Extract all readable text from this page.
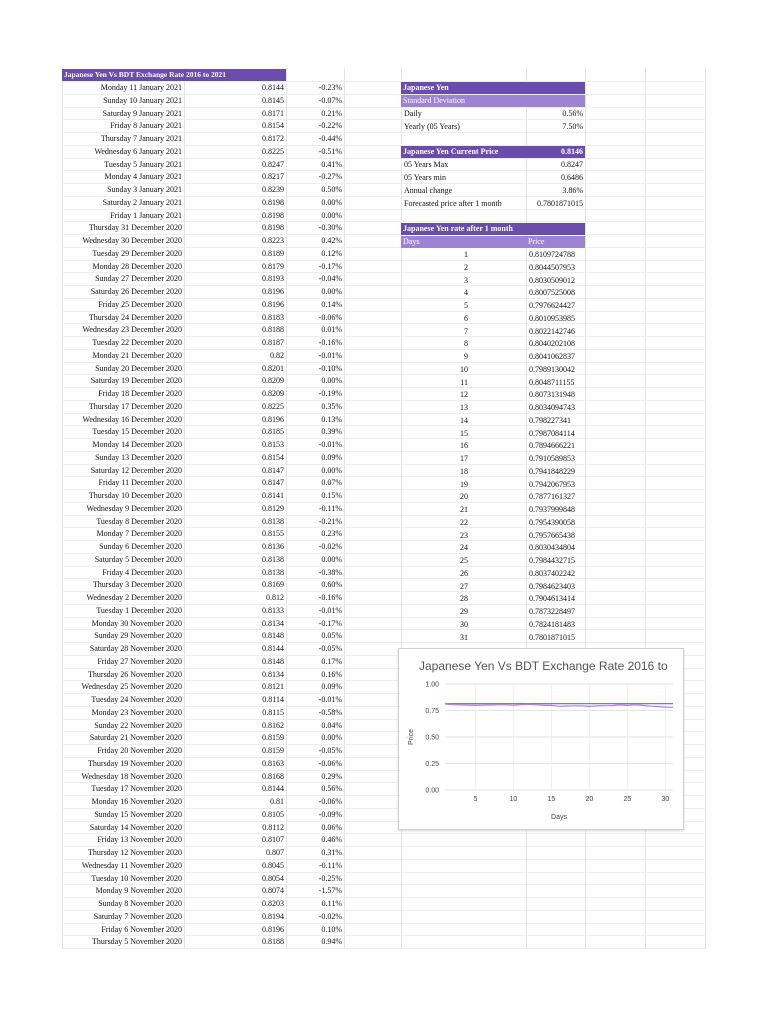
Japanese Yen Vs BDT Exchange Rate 2016 to 2021
Monday 11 January 2021	0.8144	-0.23%
Sunday 10 January 2021	0.8145	-0.07%
Saturday 9 January 2021	0.8171	0.21%
Friday 8 January 2021	0.8154	-0.22%
Thursday 7 January 2021	0.8172	-0.44%
Wednesday 6 January 2021	0.8225	-0.51%
Tuesday 5 January 2021	0.8247	0.41%
Monday 4 January 2021	0.8217	-0.27%
Sunday 3 January 2021	0.8239	0.50%
Saturday 2 January 2021	0.8198	0.00%
Friday 1 January 2021	0.8198	0.00%
Thursday 31 December 2020	0.8198	-0.30%
Wednesday 30 December 2020	0.8223	0.42%
Tuesday 29 December 2020	0.8189	0.12%
Monday 28 December 2020	0.8179	-0.17%
Sunday 27 December 2020	0.8193	-0.04%
Saturday 26 December 2020	0.8196	0.00%
Friday 25 December 2020	0.8196	0.14%
Thursday 24 December 2020	0.8183	-0.06%
Wednesday 23 December 2020	0.8188	0.01%
Tuesday 22 December 2020	0.8187	-0.16%
Monday 21 December 2020	0.82	-0.01%
Sunday 20 December 2020	0.8201	-0.10%
Saturday 19 December 2020	0.8209	0.00%
Friday 18 December 2020	0.8209	-0.19%
Thursday 17 December 2020	0.8225	0.35%
Wednesday 16 December 2020	0.8196	0.13%
Tuesday 15 December 2020	0.8185	0.39%
Monday 14 December 2020	0.8153	-0.01%
Sunday 13 December 2020	0.8154	0.09%
Saturday 12 December 2020	0.8147	0.00%
Friday 11 December 2020	0.8147	0.07%
Thursday 10 December 2020	0.8141	0.15%
Wednesday 9 December 2020	0.8129	-0.11%
Tuesday 8 December 2020	0.8138	-0.21%
Monday 7 December 2020	0.8155	0.23%
Sunday 6 December 2020	0.8136	-0.02%
Saturday 5 December 2020	0.8138	0.00%
Friday 4 December 2020	0.8138	-0.38%
Thursday 3 December 2020	0.8169	0.60%
Wednesday 2 December 2020	0.812	-0.16%
Tuesday 1 December 2020	0.8133	-0.01%
Monday 30 November 2020	0.8134	-0.17%
Sunday 29 November 2020	0.8148	0.05%
Saturday 28 November 2020	0.8144	-0.05%
Friday 27 November 2020	0.8148	0.17%
Thursday 26 November 2020	0.8134	0.16%
Wednesday 25 November 2020	0.8121	0.09%
Tuesday 24 November 2020	0.8114	-0.01%
Monday 23 November 2020	0.8115	-0.58%
Sunday 22 November 2020	0.8162	0.04%
Saturday 21 November 2020	0.8159	0.00%
Friday 20 November 2020	0.8159	-0.05%
Thursday 19 November 2020	0.8163	-0.06%
Wednesday 18 November 2020	0.8168	0.29%
Tuesday 17 November 2020	0.8144	0.56%
Monday 16 November 2020	0.81	-0.06%
Sunday 15 November 2020	0.8105	-0.09%
Saturday 14 November 2020	0.8112	0.06%
Friday 13 November 2020	0.8107	0.46%
Thursday 12 November 2020	0.807	0.31%
Wednesday 11 November 2020	0.8045	-0.11%
Tuesday 10 November 2020	0.8054	-0.25%
Monday 9 November 2020	0.8074	-1.57%
Sunday 8 November 2020	0.8203	0.11%
Saturday 7 November 2020	0.8194	-0.02%
Friday 6 November 2020	0.8196	0.10%
Thursday 5 November 2020	0.8188	0.94%
Japanese Yen
Standard Deviation
Daily	0.56%
Yearly (05 Years)	7.50%
Japanese Yen Current Price	0.8146
05 Years Max	0.8247
05 Years min	0.6486
Annual change	3.86%
Forecasted price after 1 month	0.7801871015
Japanese Yen rate after 1 month
Days	Price
1	0.8109724788
2	0.8044507953
3	0.8030509012
4	0.8007525008
5	0.7976624427
6	0.8010953985
7	0.8022142746
8	0.8040202108
9	0.8041062837
10	0.7989130042
11	0.8048711155
12	0.8073131948
13	0.8034094743
14	0.798227341
15	0.7987084114
16	0.7894666221
17	0.7910589853
18	0.7941848229
19	0.7942067953
20	0.7877161327
21	0.7937999848
22	0.7954390058
23	0.7957665438
24	0.8030434804
25	0.7984432715
26	0.8037402242
27	0.7984623403
28	0.7904613414
29	0.7873228497
30	0.7824181483
31	0.7801871015
Japanese Yen Vs BDT Exchange Rate 2016 to
0.00
0.25
0.50
0.75
1.00
5	10	15	20	25	30
Days
Price
